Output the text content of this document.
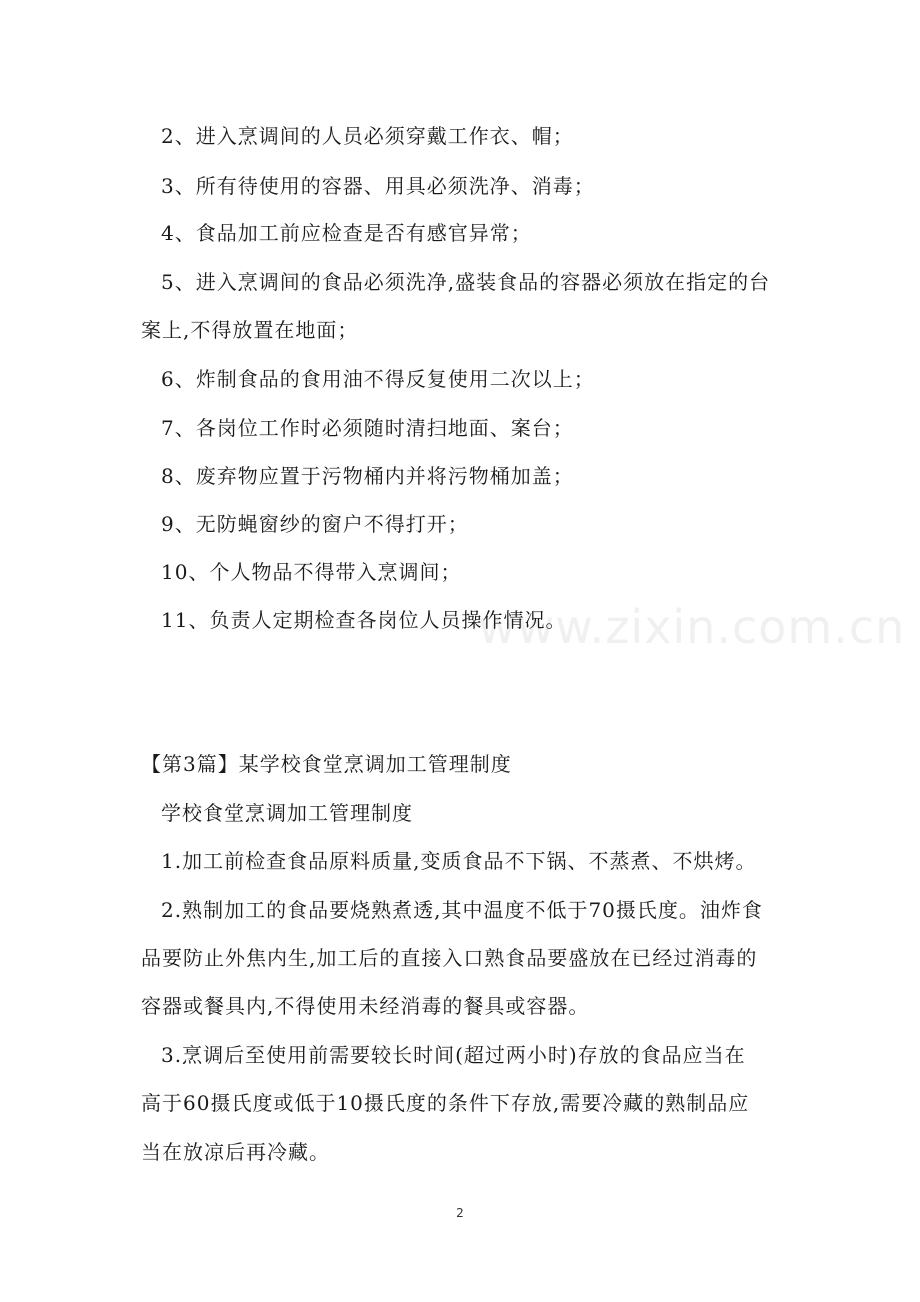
www.zixin.com.cn
2、进入烹调间的人员必须穿戴工作衣、帽；
3、所有待使用的容器、用具必须洗净、消毒；
4、食品加工前应检查是否有感官异常；
5、进入烹调间的食品必须洗净,盛装食品的容器必须放在指定的台
案上,不得放置在地面；
6、炸制食品的食用油不得反复使用二次以上；
7、各岗位工作时必须随时清扫地面、案台；
8、废弃物应置于污物桶内并将污物桶加盖；
9、无防蝇窗纱的窗户不得打开；
10、个人物品不得带入烹调间；
11、负责人定期检查各岗位人员操作情况。
【第3篇】某学校食堂烹调加工管理制度
学校食堂烹调加工管理制度
1.加工前检查食品原料质量,变质食品不下锅、不蒸煮、不烘烤。
2.熟制加工的食品要烧熟煮透,其中温度不低于70摄氏度。油炸食
品要防止外焦内生,加工后的直接入口熟食品要盛放在已经过消毒的
容器或餐具内,不得使用未经消毒的餐具或容器。
3.烹调后至使用前需要较长时间(超过两小时)存放的食品应当在
高于60摄氏度或低于10摄氏度的条件下存放,需要冷藏的熟制品应
当在放凉后再冷藏。
2
